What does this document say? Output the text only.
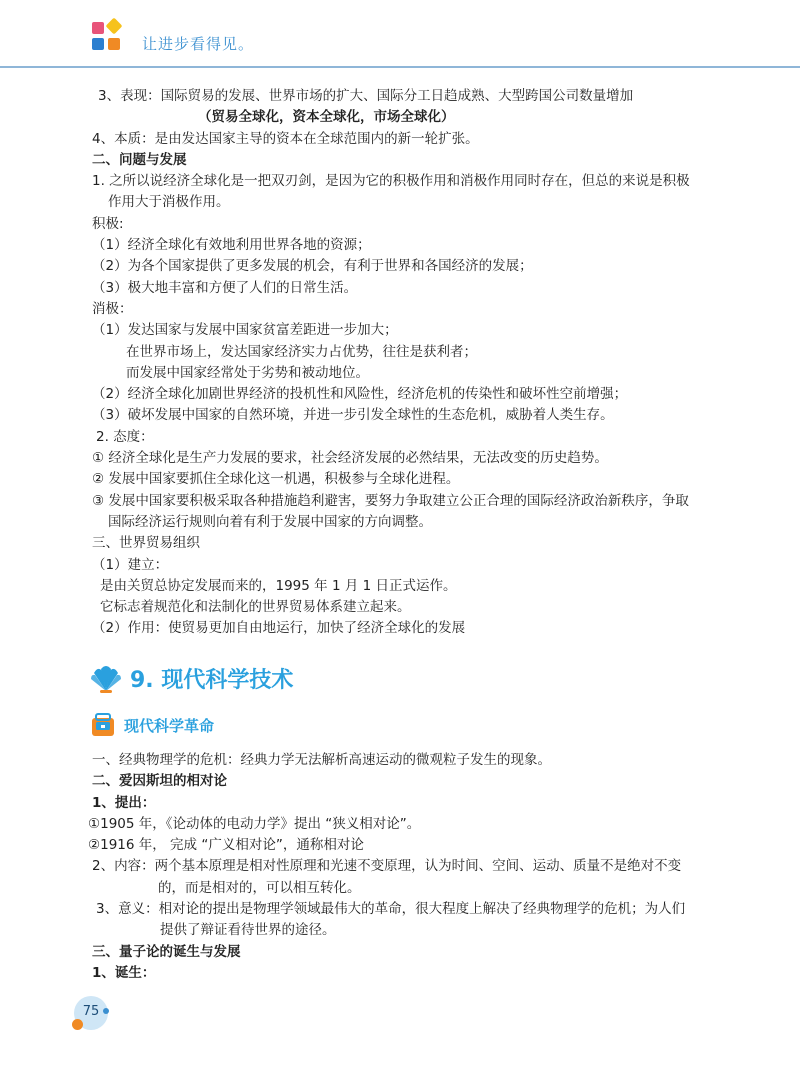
让进步看得见。
3、表现：国际贸易的发展、世界市场的扩大、国际分工日趋成熟、大型跨国公司数量增加
（贸易全球化，资本全球化，市场全球化）
4、本质：是由发达国家主导的资本在全球范围内的新一轮扩张。
二、问题与发展
1. 之所以说经济全球化是一把双刃剑，是因为它的积极作用和消极作用同时存在，但总的来说是积极
作用大于消极作用。
积极:
（1）经济全球化有效地利用世界各地的资源；
（2）为各个国家提供了更多发展的机会，有利于世界和各国经济的发展；
（3）极大地丰富和方便了人们的日常生活。
消极：
（1）发达国家与发展中国家贫富差距进一步加大；
在世界市场上，发达国家经济实力占优势，往往是获利者；
而发展中国家经常处于劣势和被动地位。
（2）经济全球化加剧世界经济的投机性和风险性，经济危机的传染性和破坏性空前增强；
（3）破坏发展中国家的自然环境，并进一步引发全球性的生态危机，威胁着人类生存。
2. 态度：
① 经济全球化是生产力发展的要求，社会经济发展的必然结果，无法改变的历史趋势。
② 发展中国家要抓住全球化这一机遇，积极参与全球化进程。
③ 发展中国家要积极采取各种措施趋利避害，要努力争取建立公正合理的国际经济政治新秩序，争取
国际经济运行规则向着有利于发展中国家的方向调整。
三、世界贸易组织
（1）建立：
是由关贸总协定发展而来的，1995 年 1 月 1 日正式运作。
它标志着规范化和法制化的世界贸易体系建立起来。
（2）作用：使贸易更加自由地运行，加快了经济全球化的发展
9. 现代科学技术
现代科学革命
一、经典物理学的危机：经典力学无法解析高速运动的微观粒子发生的现象。
二、爱因斯坦的相对论
1、提出：
①1905 年，《论动体的电动力学》提出 “狭义相对论”。
②1916 年， 完成 “广义相对论”，通称相对论
2、内容：两个基本原理是相对性原理和光速不变原理，认为时间、空间、运动、质量不是绝对不变
的，而是相对的，可以相互转化。
3、意义：相对论的提出是物理学领域最伟大的革命，很大程度上解决了经典物理学的危机；为人们
提供了辩证看待世界的途径。
三、量子论的诞生与发展
1、诞生：
75
